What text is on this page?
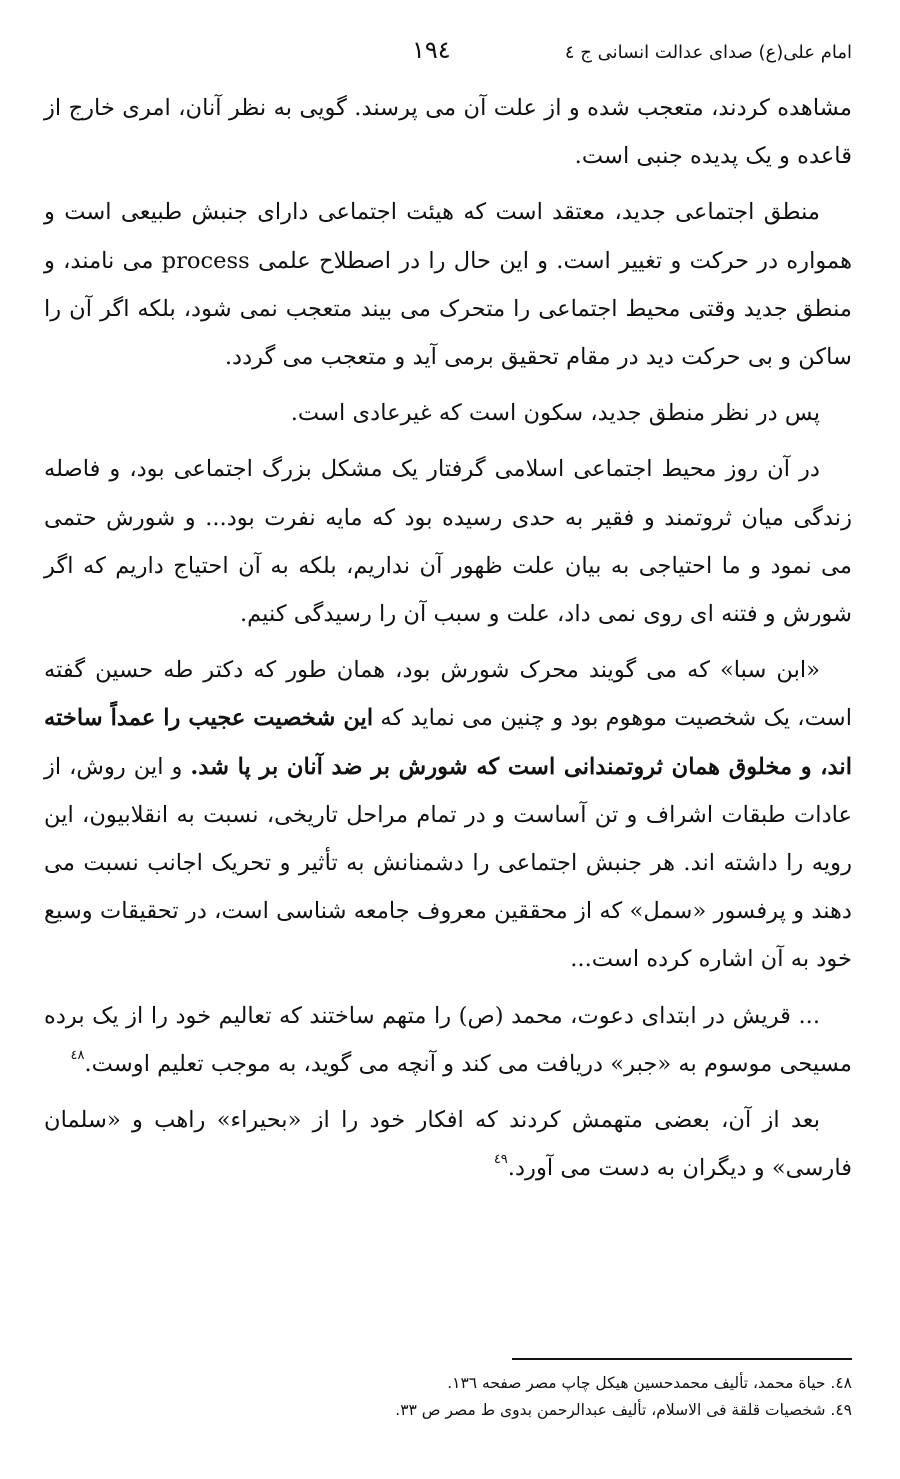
امام علی(ع) صدای عدالت انسانی ج ٤
١٩٤

مشاهده کردند، متعجب شده و از علت آن می پرسند. گویی به نظر آنان، امری خارج از قاعده و یک پدیده جنبی است.

منطق اجتماعی جدید، معتقد است که هیئت اجتماعی دارای جنبش طبیعی است و همواره در حرکت و تغییر است. و این حال را در اصطلاح علمی process می نامند، و منطق جدید وقتی محیط اجتماعی را متحرک می بیند متعجب نمی شود، بلکه اگر آن را ساکن و بی حرکت دید در مقام تحقیق برمی آید و متعجب می گردد.

پس در نظر منطق جدید، سکون است که غیرعادی است.

در آن روز محیط اجتماعی اسلامی گرفتار یک مشکل بزرگ اجتماعی بود، و فاصله زندگی میان ثروتمند و فقیر به حدی رسیده بود که مایه نفرت بود... و شورش حتمی می نمود و ما احتیاجی به بیان علت ظهور آن نداریم، بلکه به آن احتیاج داریم که اگر شورش و فتنه ای روی نمی داد، علت و سبب آن را رسیدگی کنیم.

«ابن سبا» که می گویند محرک شورش بود، همان طور که دکتر طه حسین گفته است، یک شخصیت موهوم بود و چنین می نماید که این شخصیت عجیب را عمداً ساخته اند، و مخلوق همان ثروتمندانی است که شورش بر ضد آنان بر پا شد. و این روش، از عادات طبقات اشراف و تن آساست و در تمام مراحل تاریخی، نسبت به انقلابیون، این رویه را داشته اند. هر جنبش اجتماعی را دشمنانش به تأثیر و تحریک اجانب نسبت می دهند و پرفسور «سمل» که از محققین معروف جامعه شناسی است، در تحقیقات وسیع خود به آن اشاره کرده است...

... قریش در ابتدای دعوت، محمد (ص) را متهم ساختند که تعالیم خود را از یک برده مسیحی موسوم به «جبر» دریافت می کند و آنچه می گوید، به موجب تعلیم اوست.$^{٤٨}$

بعد از آن، بعضی متهمش کردند که افکار خود را از «بحیراء» راهب و «سلمان فارسی» و دیگران به دست می آورد.$^{٤٩}$

٤٨. حیاة محمد، تألیف محمدحسین هیکل چاپ مصر صفحه ١٣٦.
٤٩. شخصیات قلقة فی الاسلام، تألیف عبدالرحمن بدوی ط مصر ص ٣٣.
